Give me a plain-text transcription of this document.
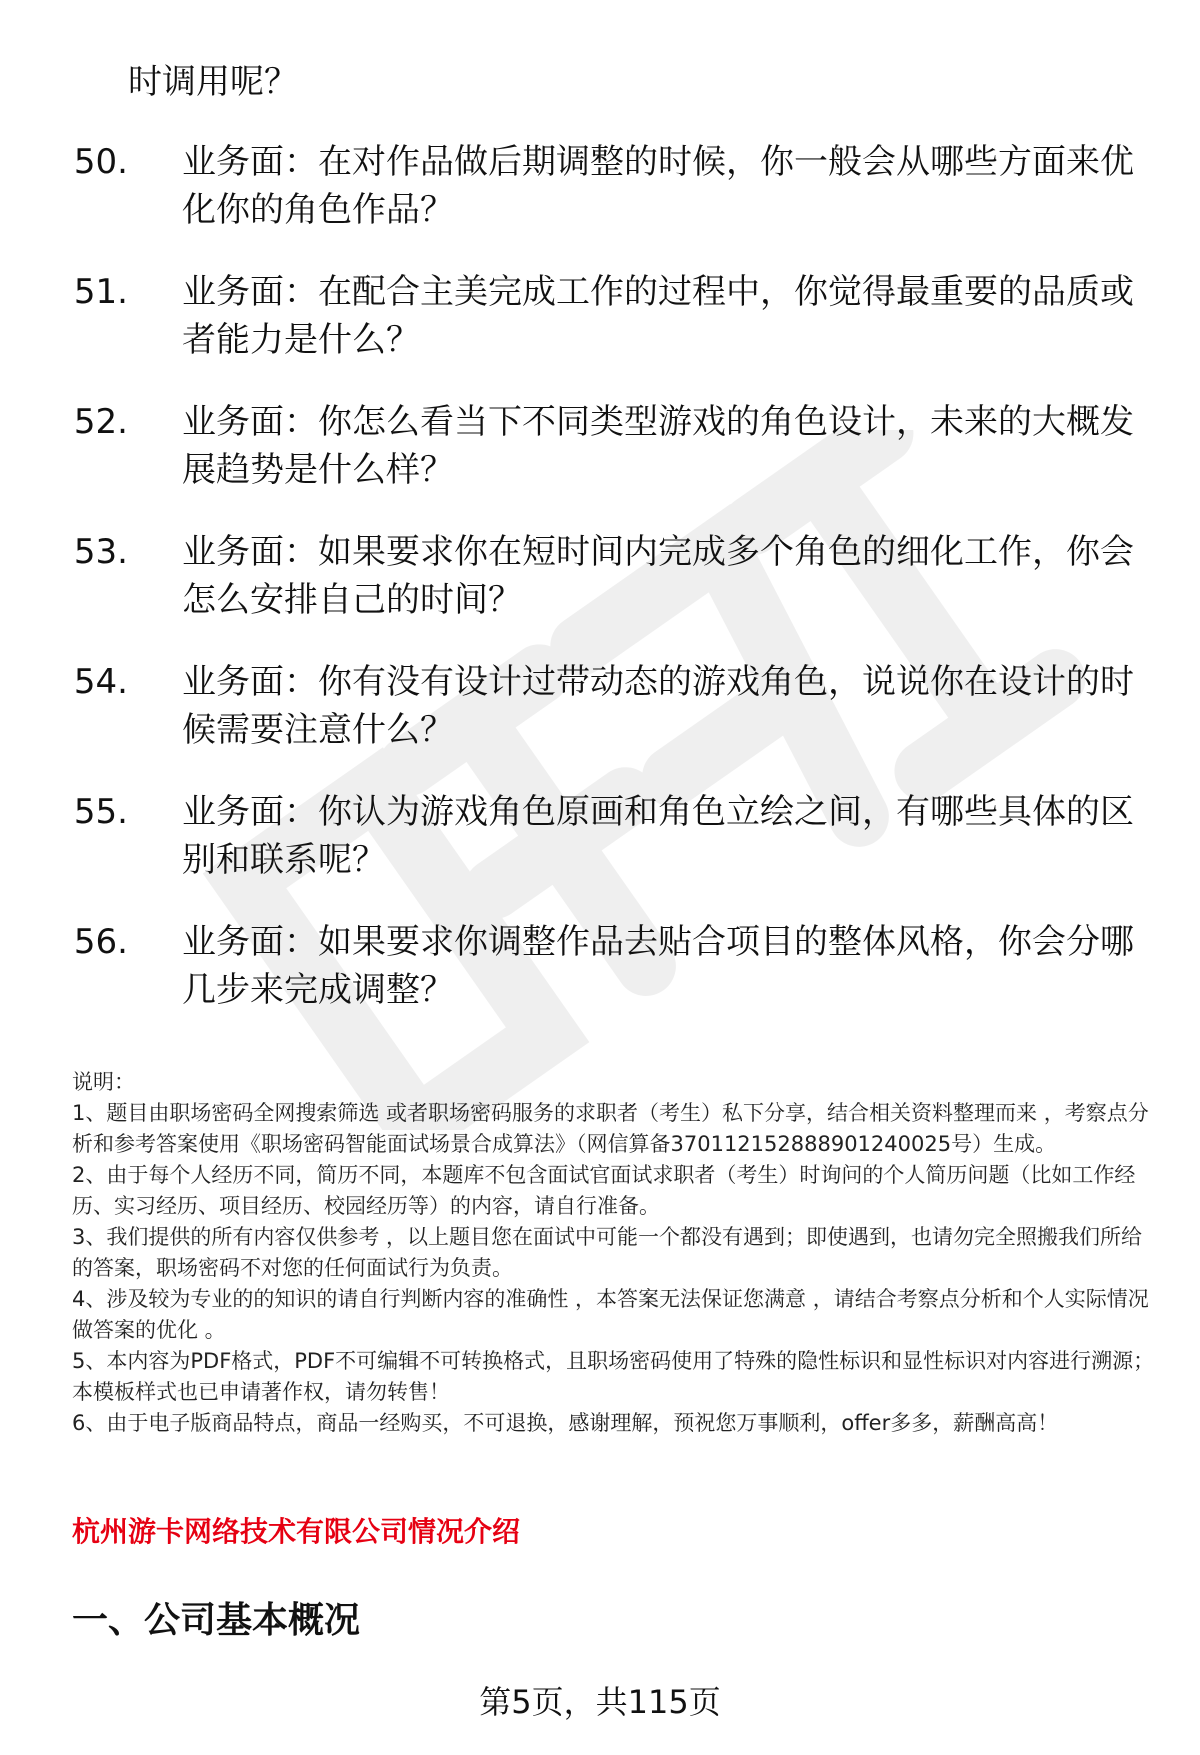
时调用呢？
50. 业务面：在对作品做后期调整的时候，你一般会从哪些方面来优
化你的角色作品？
51. 业务面：在配合主美完成工作的过程中，你觉得最重要的品质或
者能力是什么？
52. 业务面：你怎么看当下不同类型游戏的角色设计，未来的大概发
展趋势是什么样？
53. 业务面：如果要求你在短时间内完成多个角色的细化工作，你会
怎么安排自己的时间？
54. 业务面：你有没有设计过带动态的游戏角色，说说你在设计的时
候需要注意什么？
55. 业务面：你认为游戏角色原画和角色立绘之间，有哪些具体的区
别和联系呢？
56. 业务面：如果要求你调整作品去贴合项目的整体风格，你会分哪
几步来完成调整？

说明：

1、题目由职场密码全网搜索筛选 或者职场密码服务的求职者（考生）私下分享，结合相关资料整理而来 ，考察点分析和参考答案使用《职场密码智能面试场景合成算法》（网信算备370112152888901240025号）生成。

2、由于每个人经历不同，简历不同，本题库不包含面试官面试求职者（考生）时询问的个人简历问题（比如工作经历、实习经历、项目经历、校园经历等）的内容，请自行准备。

3、我们提供的所有内容仅供参考 ，以上题目您在面试中可能一个都没有遇到；即使遇到，也请勿完全照搬我们所给的答案，职场密码不对您的任何面试行为负责。

4、涉及较为专业的的知识的请自行判断内容的准确性 ，本答案无法保证您满意 ，请结合考察点分析和个人实际情况做答案的优化 。

5、本内容为PDF格式，PDF不可编辑不可转换格式，且职场密码使用了特殊的隐性标识和显性标识对内容进行溯源；本模板样式也已申请著作权，请勿转售！

6、由于电子版商品特点，商品一经购买，不可退换，感谢理解，预祝您万事顺利，offer多多，薪酬高高！

杭州游卡网络技术有限公司情况介绍
一、公司基本概况
第5页，共115页
